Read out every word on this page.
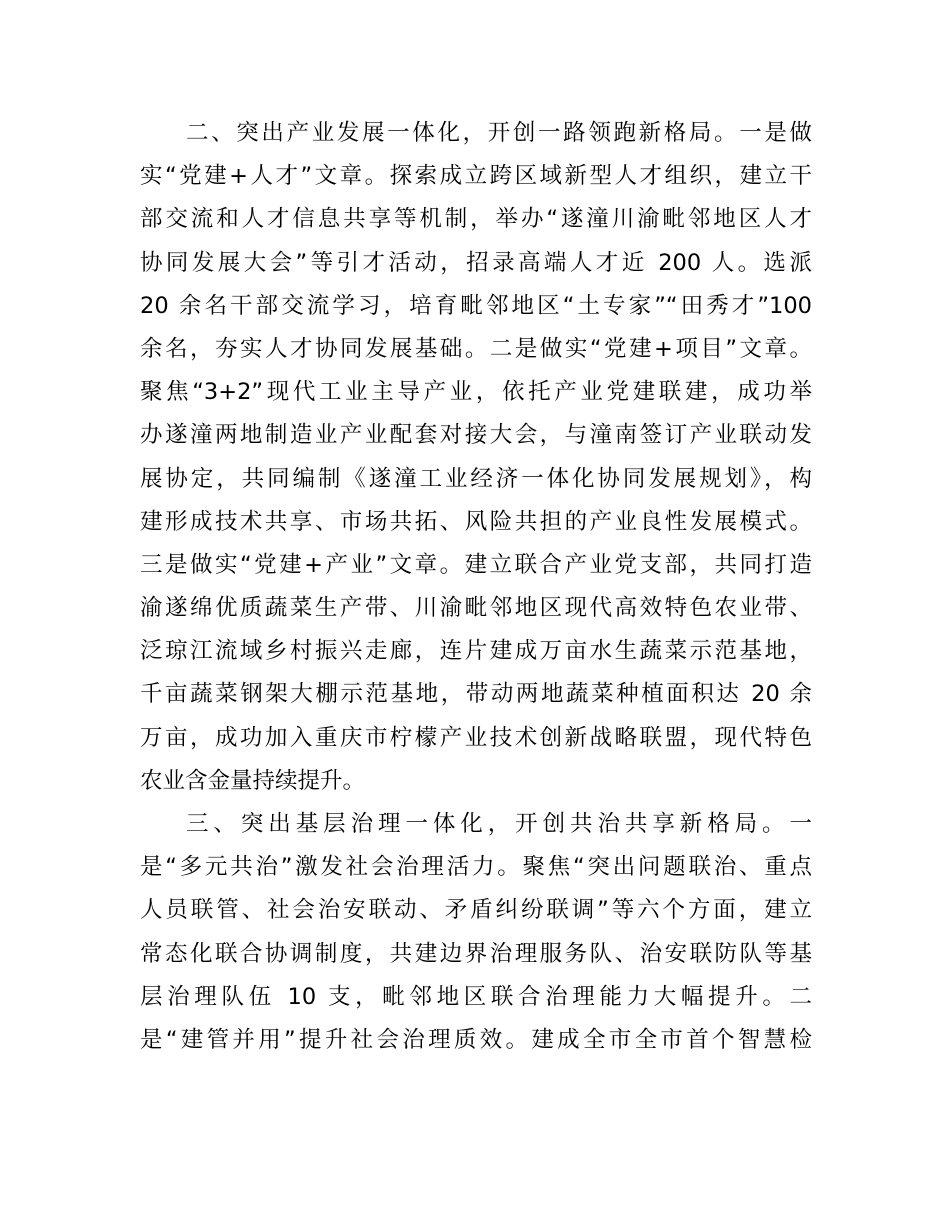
二、突出产业发展一体化，开创一路领跑新格局。一是做
实“党建+人才”文章。探索成立跨区域新型人才组织，建立干
部交流和人才信息共享等机制，举办“遂潼川渝毗邻地区人才
协同发展大会”等引才活动，招录高端人才近 200 人。选派
20 余名干部交流学习，培育毗邻地区“土专家”“田秀才”100
余名，夯实人才协同发展基础。二是做实“党建+项目”文章。
聚焦“3+2”现代工业主导产业，依托产业党建联建，成功举
办遂潼两地制造业产业配套对接大会，与潼南签订产业联动发
展协定，共同编制《遂潼工业经济一体化协同发展规划》，构
建形成技术共享、市场共拓、风险共担的产业良性发展模式。
三是做实“党建+产业”文章。建立联合产业党支部，共同打造
渝遂绵优质蔬菜生产带、川渝毗邻地区现代高效特色农业带、
泛琼江流域乡村振兴走廊，连片建成万亩水生蔬菜示范基地，
千亩蔬菜钢架大棚示范基地，带动两地蔬菜种植面积达 20 余
万亩，成功加入重庆市柠檬产业技术创新战略联盟，现代特色
农业含金量持续提升。
三、突出基层治理一体化，开创共治共享新格局。一
是“多元共治”激发社会治理活力。聚焦“突出问题联治、重点
人员联管、社会治安联动、矛盾纠纷联调”等六个方面，建立
常态化联合协调制度，共建边界治理服务队、治安联防队等基
层治理队伍 10 支，毗邻地区联合治理能力大幅提升。二
是“建管并用”提升社会治理质效。建成全市全市首个智慧检
